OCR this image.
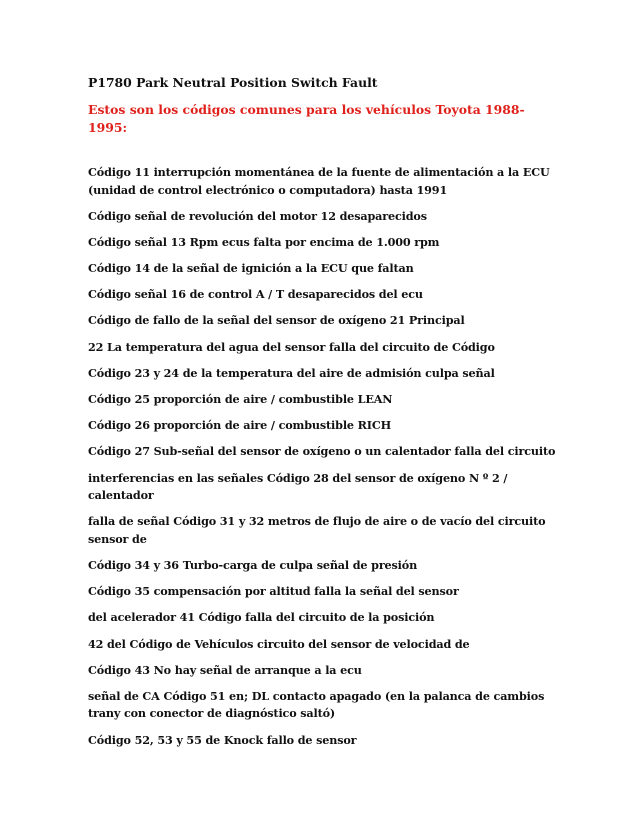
P1780 Park Neutral Position Switch Fault

Estos son los códigos comunes para los vehículos Toyota 1988-1995:

Código 11 interrupción momentánea de la fuente de alimentación a la ECU (unidad de control electrónico o computadora) hasta 1991
Código señal de revolución del motor 12 desaparecidos
Código señal 13 Rpm ecus falta por encima de 1.000 rpm
Código 14 de la señal de ignición a la ECU que faltan
Código señal 16 de control A / T desaparecidos del ecu
Código de fallo de la señal del sensor de oxígeno 21 Principal
22 La temperatura del agua del sensor falla del circuito de Código
Código 23 y 24 de la temperatura del aire de admisión culpa señal
Código 25 proporción de aire / combustible LEAN
Código 26 proporción de aire / combustible RICH
Código 27 Sub-señal del sensor de oxígeno o un calentador falla del circuito
interferencias en las señales Código 28 del sensor de oxígeno N º 2 / calentador
falla de señal Código 31 y 32 metros de flujo de aire o de vacío del circuito sensor de
Código 34 y 36 Turbo-carga de culpa señal de presión
Código 35 compensación por altitud falla la señal del sensor
del acelerador 41 Código falla del circuito de la posición
42 del Código de Vehículos circuito del sensor de velocidad de
Código 43 No hay señal de arranque a la ecu
señal de CA Código 51 en; DL contacto apagado (en la palanca de cambios trany con conector de diagnóstico saltó)
Código 52, 53 y 55 de Knock fallo de sensor
